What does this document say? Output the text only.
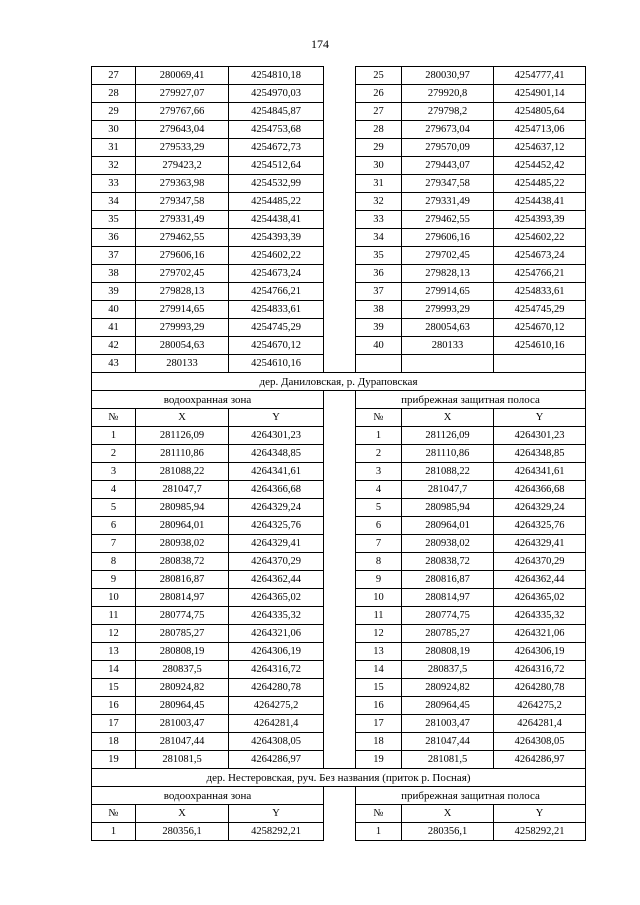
174
27	280069,41	4254810,18		25	280030,97	4254777,41
28	279927,07	4254970,03		26	279920,8	4254901,14
29	279767,66	4254845,87		27	279798,2	4254805,64
30	279643,04	4254753,68		28	279673,04	4254713,06
31	279533,29	4254672,73		29	279570,09	4254637,12
32	279423,2	4254512,64		30	279443,07	4254452,42
33	279363,98	4254532,99		31	279347,58	4254485,22
34	279347,58	4254485,22		32	279331,49	4254438,41
35	279331,49	4254438,41		33	279462,55	4254393,39
36	279462,55	4254393,39		34	279606,16	4254602,22
37	279606,16	4254602,22		35	279702,45	4254673,24
38	279702,45	4254673,24		36	279828,13	4254766,21
39	279828,13	4254766,21		37	279914,65	4254833,61
40	279914,65	4254833,61		38	279993,29	4254745,29
41	279993,29	4254745,29		39	280054,63	4254670,12
42	280054,63	4254670,12		40	280133	4254610,16
43	280133	4254610,16				
дер. Даниловская, р. Дураповская						
водоохранная зона				прибрежная защитная полоса		
№	X	Y		№	X	Y
1	281126,09	4264301,23		1	281126,09	4264301,23
2	281110,86	4264348,85		2	281110,86	4264348,85
3	281088,22	4264341,61		3	281088,22	4264341,61
4	281047,7	4264366,68		4	281047,7	4264366,68
5	280985,94	4264329,24		5	280985,94	4264329,24
6	280964,01	4264325,76		6	280964,01	4264325,76
7	280938,02	4264329,41		7	280938,02	4264329,41
8	280838,72	4264370,29		8	280838,72	4264370,29
9	280816,87	4264362,44		9	280816,87	4264362,44
10	280814,97	4264365,02		10	280814,97	4264365,02
11	280774,75	4264335,32		11	280774,75	4264335,32
12	280785,27	4264321,06		12	280785,27	4264321,06
13	280808,19	4264306,19		13	280808,19	4264306,19
14	280837,5	4264316,72		14	280837,5	4264316,72
15	280924,82	4264280,78		15	280924,82	4264280,78
16	280964,45	4264275,2		16	280964,45	4264275,2
17	281003,47	4264281,4		17	281003,47	4264281,4
18	281047,44	4264308,05		18	281047,44	4264308,05
19	281081,5	4264286,97		19	281081,5	4264286,97
дер. Нестеровская, руч. Без названия (приток р. Посная)						
водоохранная зона				прибрежная защитная полоса		
№	X	Y		№	X	Y
1	280356,1	4258292,21		1	280356,1	4258292,21
